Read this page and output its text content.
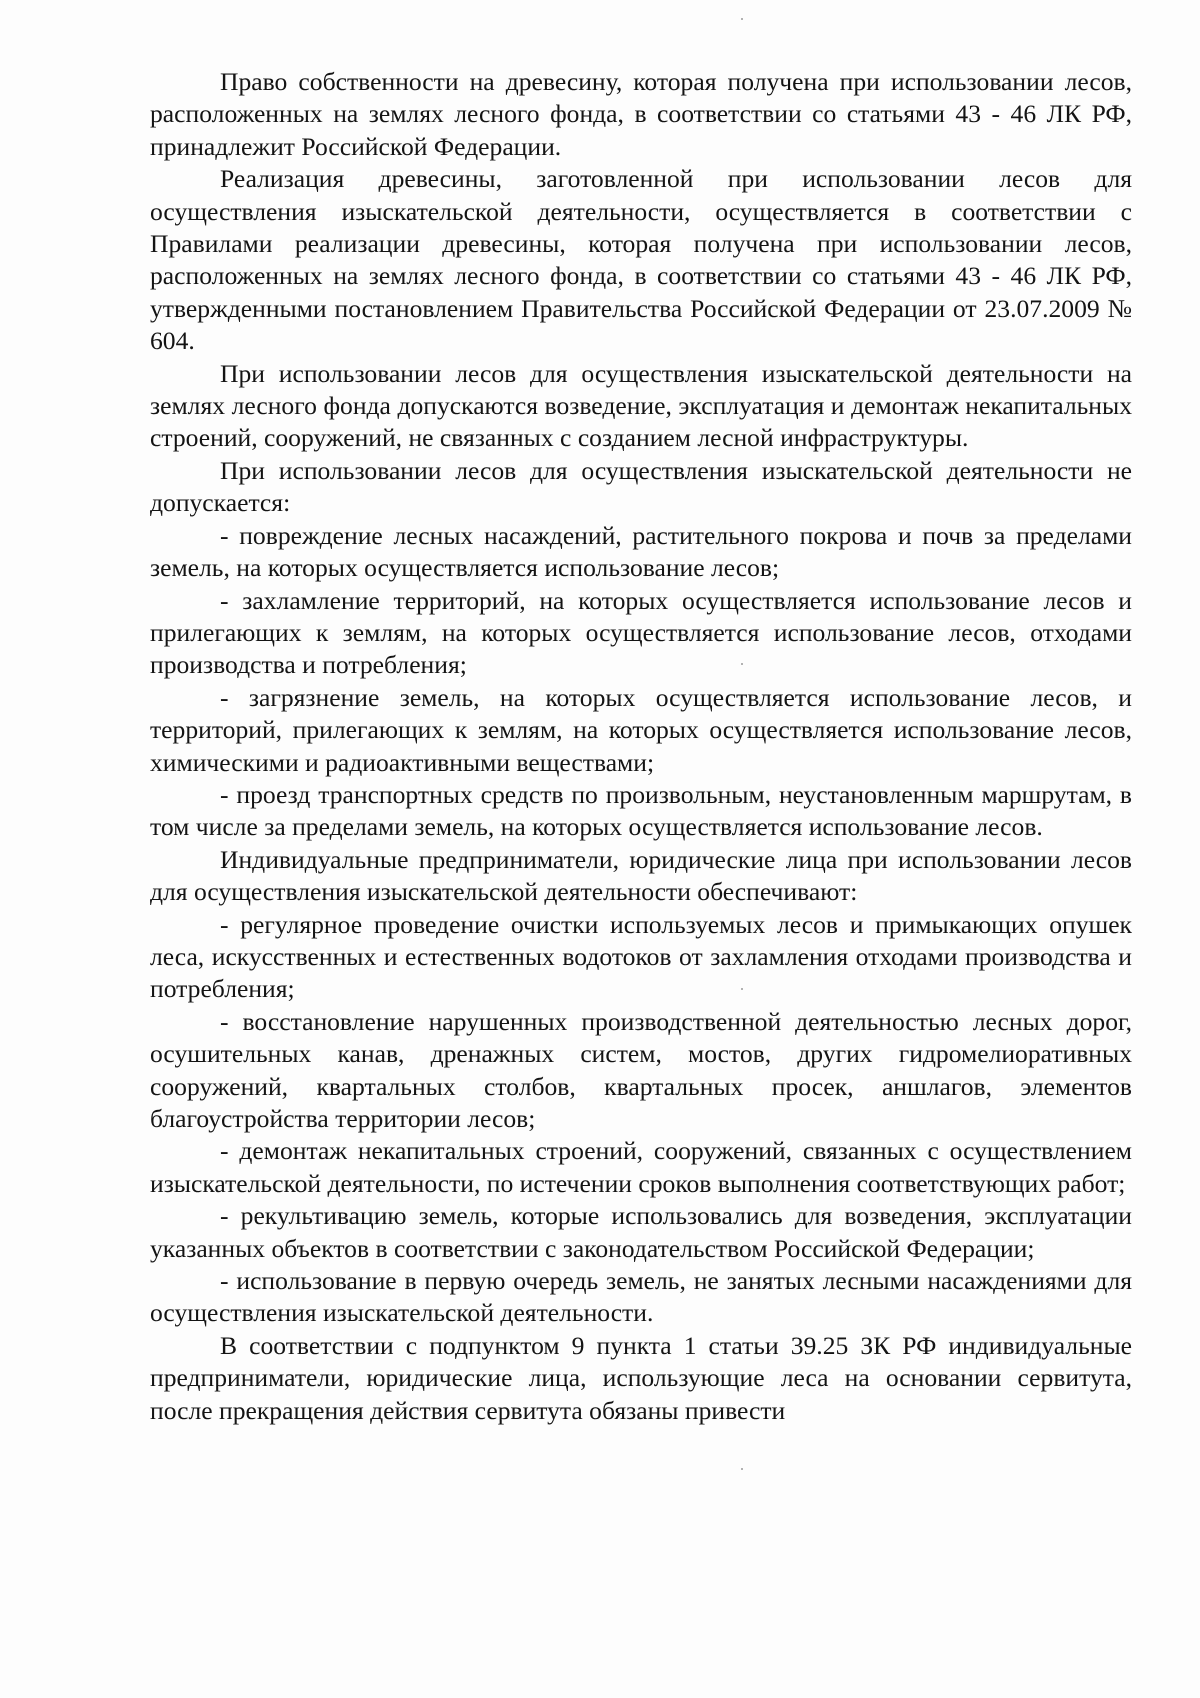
Право собственности на древесину, которая получена при использовании лесов, расположенных на землях лесного фонда, в соответствии со статьями 43 - 46 ЛК РФ, принадлежит Российской Федерации.

Реализация древесины, заготовленной при использовании лесов для осуществления изыскательской деятельности, осуществляется в соответствии с Правилами реализации древесины, которая получена при использовании лесов, расположенных на землях лесного фонда, в соответствии со статьями 43 - 46 ЛК РФ, утвержденными постановлением Правительства Российской Федерации от 23.07.2009 № 604.

При использовании лесов для осуществления изыскательской деятельности на землях лесного фонда допускаются возведение, эксплуатация и демонтаж некапитальных строений, сооружений, не связанных с созданием лесной инфраструктуры.

При использовании лесов для осуществления изыскательской деятельности не допускается:

- повреждение лесных насаждений, растительного покрова и почв за пределами земель, на которых осуществляется использование лесов;

- захламление территорий, на которых осуществляется использование лесов и прилегающих к землям, на которых осуществляется использование лесов, отходами производства и потребления;

- загрязнение земель, на которых осуществляется использование лесов, и территорий, прилегающих к землям, на которых осуществляется использование лесов, химическими и радиоактивными веществами;

- проезд транспортных средств по произвольным, неустановленным маршрутам, в том числе за пределами земель, на которых осуществляется использование лесов.

Индивидуальные предприниматели, юридические лица при использовании лесов для осуществления изыскательской деятельности обеспечивают:

- регулярное проведение очистки используемых лесов и примыкающих опушек леса, искусственных и естественных водотоков от захламления отходами производства и потребления;

- восстановление нарушенных производственной деятельностью лесных дорог, осушительных канав, дренажных систем, мостов, других гидромелиоративных сооружений, квартальных столбов, квартальных просек, аншлагов, элементов благоустройства территории лесов;

- демонтаж некапитальных строений, сооружений, связанных с осуществлением изыскательской деятельности, по истечении сроков выполнения соответствующих работ;

- рекультивацию земель, которые использовались для возведения, эксплуатации указанных объектов в соответствии с законодательством Российской Федерации;

- использование в первую очередь земель, не занятых лесными насаждениями для осуществления изыскательской деятельности.

В соответствии с подпунктом 9 пункта 1 статьи 39.25 ЗК РФ индивидуальные предприниматели, юридические лица, использующие леса на основании сервитута, после прекращения действия сервитута обязаны привести
